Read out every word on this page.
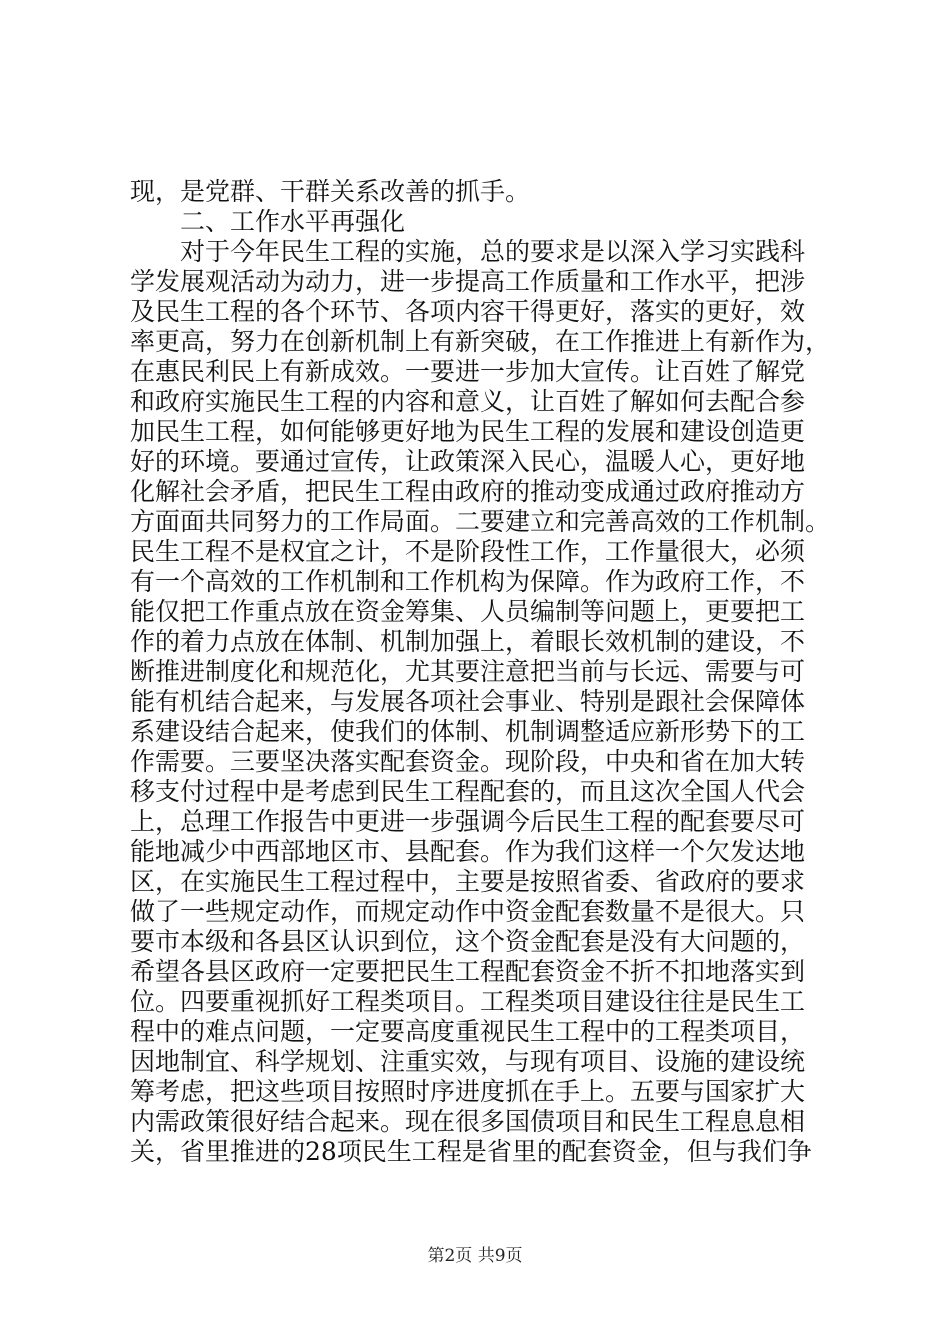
现，是党群、干群关系改善的抓手。
二、工作水平再强化
对于今年民生工程的实施，总的要求是以深入学习实践科
学发展观活动为动力，进一步提高工作质量和工作水平，把涉
及民生工程的各个环节、各项内容干得更好，落实的更好，效
率更高，努力在创新机制上有新突破，在工作推进上有新作为，
在惠民利民上有新成效。一要进一步加大宣传。让百姓了解党
和政府实施民生工程的内容和意义，让百姓了解如何去配合参
加民生工程，如何能够更好地为民生工程的发展和建设创造更
好的环境。要通过宣传，让政策深入民心，温暖人心，更好地
化解社会矛盾，把民生工程由政府的推动变成通过政府推动方
方面面共同努力的工作局面。二要建立和完善高效的工作机制。
民生工程不是权宜之计，不是阶段性工作，工作量很大，必须
有一个高效的工作机制和工作机构为保障。作为政府工作，不
能仅把工作重点放在资金筹集、人员编制等问题上，更要把工
作的着力点放在体制、机制加强上，着眼长效机制的建设，不
断推进制度化和规范化，尤其要注意把当前与长远、需要与可
能有机结合起来，与发展各项社会事业、特别是跟社会保障体
系建设结合起来，使我们的体制、机制调整适应新形势下的工
作需要。三要坚决落实配套资金。现阶段，中央和省在加大转
移支付过程中是考虑到民生工程配套的，而且这次全国人代会
上，总理工作报告中更进一步强调今后民生工程的配套要尽可
能地减少中西部地区市、县配套。作为我们这样一个欠发达地
区，在实施民生工程过程中，主要是按照省委、省政府的要求
做了一些规定动作，而规定动作中资金配套数量不是很大。只
要市本级和各县区认识到位，这个资金配套是没有大问题的，
希望各县区政府一定要把民生工程配套资金不折不扣地落实到
位。四要重视抓好工程类项目。工程类项目建设往往是民生工
程中的难点问题，一定要高度重视民生工程中的工程类项目，
因地制宜、科学规划、注重实效，与现有项目、设施的建设统
筹考虑，把这些项目按照时序进度抓在手上。五要与国家扩大
内需政策很好结合起来。现在很多国债项目和民生工程息息相
关，省里推进的28项民生工程是省里的配套资金，但与我们争
第2页 共9页
